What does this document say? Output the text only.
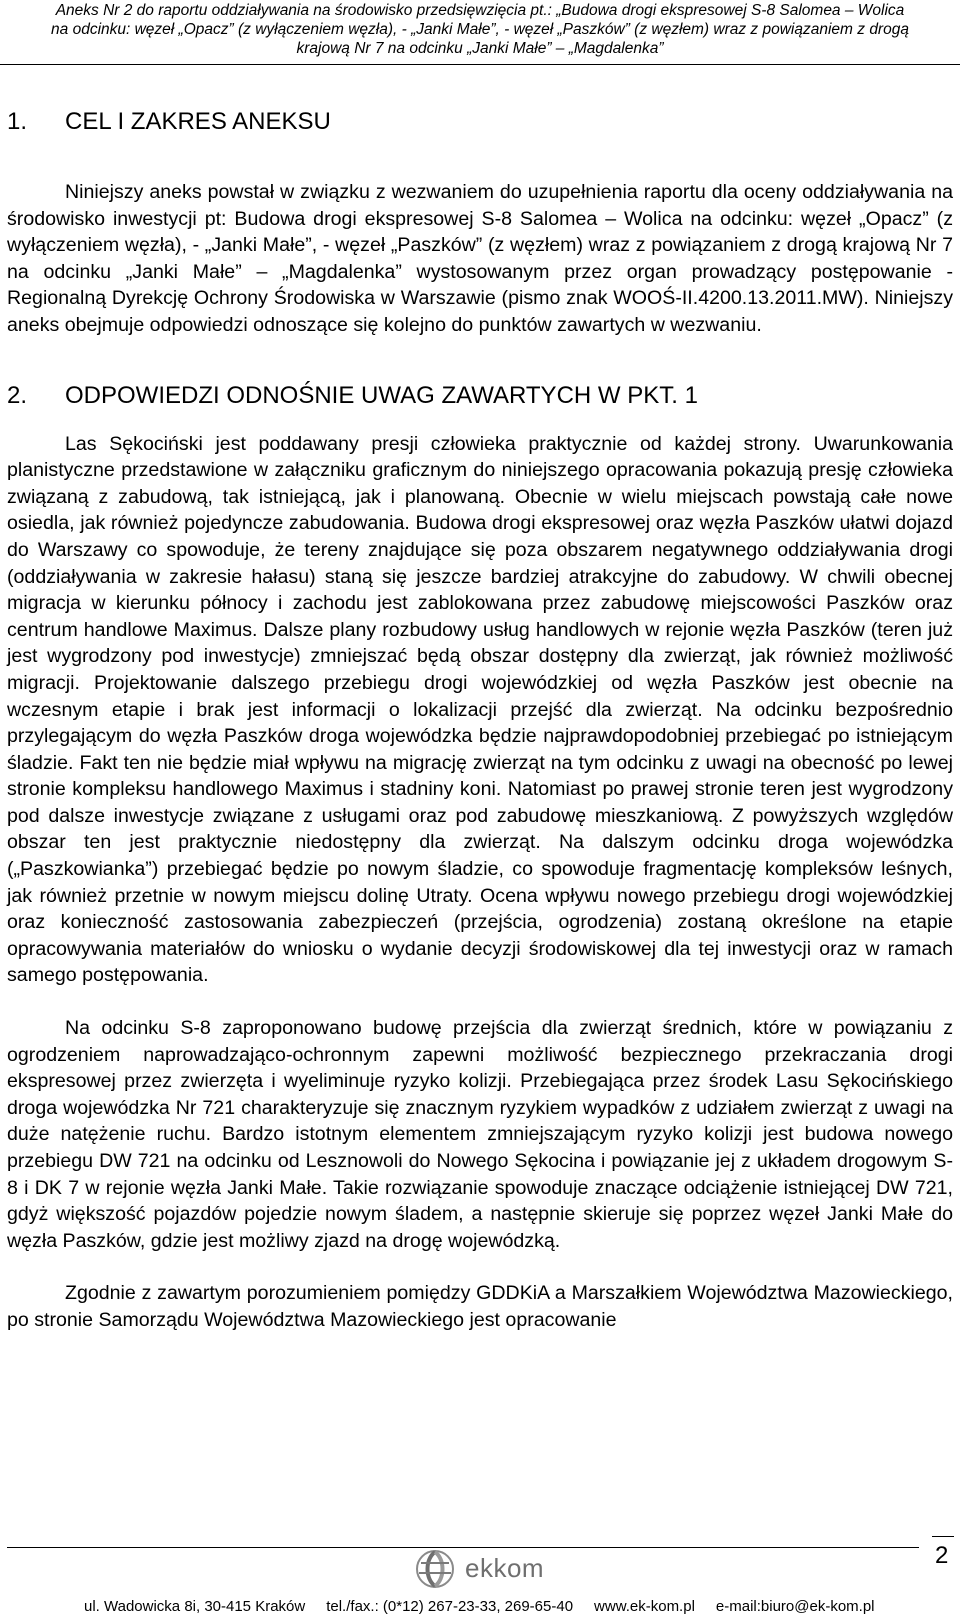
Aneks Nr 2 do raportu oddziaływania na środowisko przedsięwzięcia pt.: „Budowa drogi ekspresowej S-8 Salomea – Wolica
na odcinku: węzeł „Opacz” (z wyłączeniem węzła), - „Janki Małe”, - węzeł „Paszków” (z węzłem) wraz z powiązaniem z drogą
krajową Nr 7 na odcinku „Janki Małe” – „Magdalenka”
1. CEL I ZAKRES ANEKSU

Niniejszy aneks powstał w związku z wezwaniem do uzupełnienia raportu dla oceny oddziaływania na środowisko inwestycji pt: Budowa drogi ekspresowej S-8 Salomea – Wolica na odcinku: węzeł „Opacz” (z wyłączeniem węzła), - „Janki Małe”, - węzeł „Paszków” (z węzłem) wraz z powiązaniem z drogą krajową Nr 7 na odcinku „Janki Małe” – „Magdalenka” wystosowanym przez organ prowadzący postępowanie - Regionalną Dyrekcję Ochrony Środowiska w Warszawie (pismo znak WOOŚ-II.4200.13.2011.MW). Niniejszy aneks obejmuje odpowiedzi odnoszące się kolejno do punktów zawartych w wezwaniu.

2. ODPOWIEDZI ODNOŚNIE UWAG ZAWARTYCH W PKT. 1

Las Sękociński jest poddawany presji człowieka praktycznie od każdej strony. Uwarunkowania planistyczne przedstawione w załączniku graficznym do niniejszego opracowania pokazują presję człowieka związaną z zabudową, tak istniejącą, jak i planowaną. Obecnie w wielu miejscach powstają całe nowe osiedla, jak również pojedyncze zabudowania. Budowa drogi ekspresowej oraz węzła Paszków ułatwi dojazd do Warszawy co spowoduje, że tereny znajdujące się poza obszarem negatywnego oddziaływania drogi (oddziaływania w zakresie hałasu) staną się jeszcze bardziej atrakcyjne do zabudowy. W chwili obecnej migracja w kierunku północy i zachodu jest zablokowana przez zabudowę miejscowości Paszków oraz centrum handlowe Maximus. Dalsze plany rozbudowy usług handlowych w rejonie węzła Paszków (teren już jest wygrodzony pod inwestycje) zmniejszać będą obszar dostępny dla zwierząt, jak również możliwość migracji. Projektowanie dalszego przebiegu drogi wojewódzkiej od węzła Paszków jest obecnie na wczesnym etapie i brak jest informacji o lokalizacji przejść dla zwierząt. Na odcinku bezpośrednio przylegającym do węzła Paszków droga wojewódzka będzie najprawdopodobniej przebiegać po istniejącym śladzie. Fakt ten nie będzie miał wpływu na migrację zwierząt na tym odcinku z uwagi na obecność po lewej stronie kompleksu handlowego Maximus i stadniny koni. Natomiast po prawej stronie teren jest wygrodzony pod dalsze inwestycje związane z usługami oraz pod zabudowę mieszkaniową. Z powyższych względów obszar ten jest praktycznie niedostępny dla zwierząt. Na dalszym odcinku droga wojewódzka („Paszkowianka”) przebiegać będzie po nowym śladzie, co spowoduje fragmentację kompleksów leśnych, jak również przetnie w nowym miejscu dolinę Utraty. Ocena wpływu nowego przebiegu drogi wojewódzkiej oraz konieczność zastosowania zabezpieczeń (przejścia, ogrodzenia) zostaną określone na etapie opracowywania materiałów do wniosku o wydanie decyzji środowiskowej dla tej inwestycji oraz w ramach samego postępowania.

Na odcinku S-8 zaproponowano budowę przejścia dla zwierząt średnich, które w powiązaniu z ogrodzeniem naprowadzająco-ochronnym zapewni możliwość bezpiecznego przekraczania drogi ekspresowej przez zwierzęta i wyeliminuje ryzyko kolizji. Przebiegająca przez środek Lasu Sękocińskiego droga wojewódzka Nr 721 charakteryzuje się znacznym ryzykiem wypadków z udziałem zwierząt z uwagi na duże natężenie ruchu. Bardzo istotnym elementem zmniejszającym ryzyko kolizji jest budowa nowego przebiegu DW 721 na odcinku od Lesznowoli do Nowego Sękocina i powiązanie jej z układem drogowym S-8 i DK 7 w rejonie węzła Janki Małe. Takie rozwiązanie spowoduje znaczące odciążenie istniejącej DW 721, gdyż większość pojazdów pojedzie nowym śladem, a następnie skieruje się poprzez węzeł Janki Małe do węzła Paszków, gdzie jest możliwy zjazd na drogę wojewódzką.

Zgodnie z zawartym porozumieniem pomiędzy GDDKiA a Marszałkiem Województwa Mazowieckiego, po stronie Samorządu Województwa Mazowieckiego jest opracowanie

2
ekkom
ul. Wadowicka 8i, 30-415 Kraków tel./fax.: (0*12) 267-23-33, 269-65-40 www.ek-kom.pl e-mail:biuro@ek-kom.pl
